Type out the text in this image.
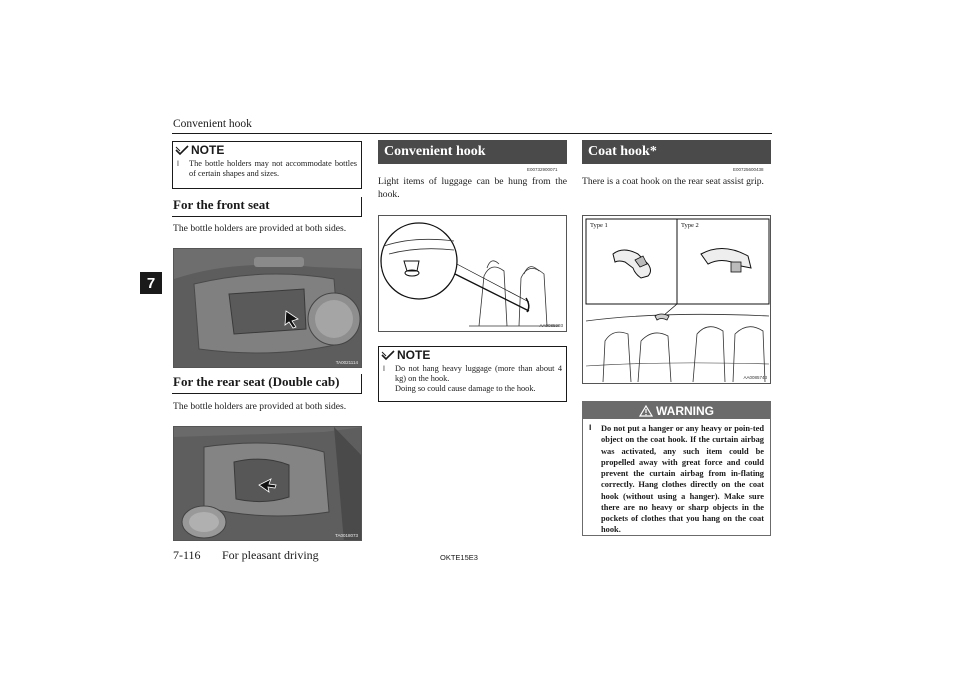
Convenient hook
7
NOTE
l	The bottle holders may not accommodate bottles of certain shapes and sizes.
For the front seat
The bottle holders are provided at both sides.
TA0021114
For the rear seat (Double cab)
The bottle holders are provided at both sides.
TA0018073
Convenient hook
E00732900071
Light items of luggage can be hung from the hook.
AA0085993
NOTE
l	Do not hang heavy luggage (more than about 4 kg) on the hook.
Doing so could cause damage to the hook.
Coat hook*
E00725600438
There is a coat hook on the rear seat assist grip.
Type 1	Type 2
AA0085743
WARNING
l	Do not put a hanger or any heavy or poin-ted object on the coat hook. If the curtain airbag was activated, any such item could be propelled away with great force and could prevent the curtain airbag from in-flating correctly. Hang clothes directly on the coat hook (without using a hanger). Make sure there are no heavy or sharp objects in the pockets of clothes that you hang on the coat hook.
7-116 For pleasant driving	OKTE15E3
